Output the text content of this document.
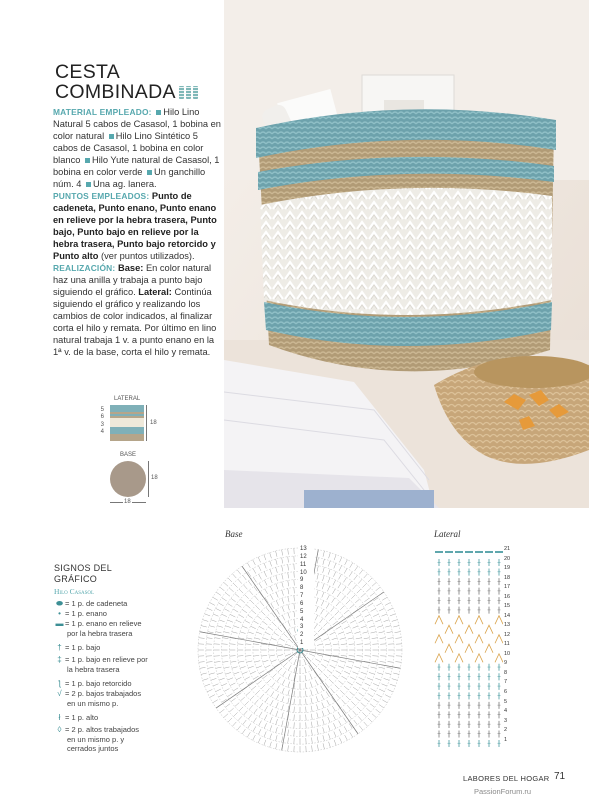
CESTA
COMBINADA

MATERIAL EMPLEADO: Hilo Lino Natural 5 cabos de Casasol, 1 bobina en color natural Hilo Lino Sintético 5 cabos de Casasol, 1 bobina en color blanco Hilo Yute natural de Casasol, 1 bobina en color verde Un ganchillo núm. 4 Una ag. lanera.

PUNTOS EMPLEADOS: Punto de cadeneta, Punto enano, Punto enano en relieve por la hebra trasera, Punto bajo, Punto bajo en relieve por la hebra trasera, Punto bajo retorcido y Punto alto (ver puntos utilizados).

REALIZACIÓN: Base: En color natural haz una anilla y trabaja a punto bajo siguiendo el gráfico. Lateral: Continúa siguiendo el gráfico y realizando los cambios de color indicados, al finalizar corta el hilo y remata. Por último en lino natural trabaja 1 v. a punto enano en la 1ª v. de la base, corta el hilo y remata.

LATERAL
5
6
3
4
18
BASE
18
18
SIGNOS DEL
GRÁFICO
Hilo Casasol
⬬ = 1 p. de cadeneta
• = 1 p. enano
▬ = 1 p. enano en relieve
por la hebra trasera
† = 1 p. bajo
‡ = 1 p. bajo en relieve por
la hebra trasera
ƪ = 1 p. bajo retorcido
√ = 2 p. bajos trabajados
en un mismo p.
ł = 1 p. alto
◊ = 2 p. altos trabajados
en un mismo p. y
cerrados juntos
Base
13
12
11
10
9
8
7
6
5
4
3
2
1
Lateral
21
20
19
18
17
16
15
14
13
12
11
10
9
8
7
6
5
4
3
2
1
LABORES DEL HOGAR 71
PassionForum.ru
